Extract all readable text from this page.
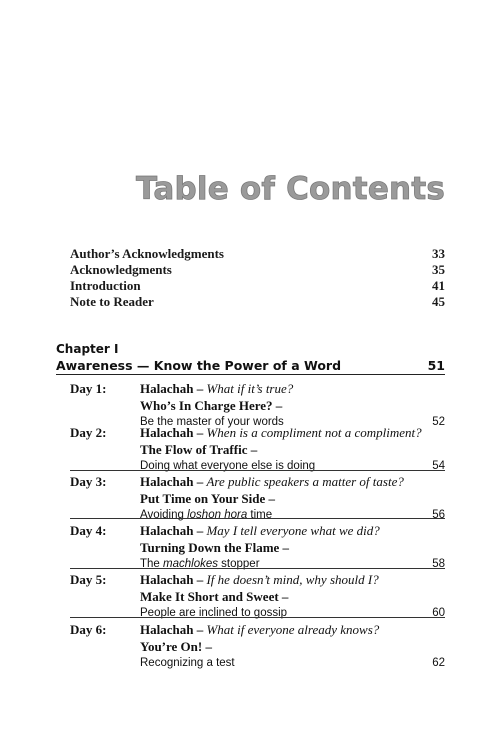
Table of Contents
Author’s Acknowledgments	33
Acknowledgments	35
Introduction	41
Note to Reader	45
Chapter I
Awareness — Know the Power of a Word	51
Day 1:	Halachah – What if it’s true?
Who’s In Charge Here? –
Be the master of your words	52
Day 2:	Halachah – When is a compliment not a compliment?
The Flow of Traffic –
Doing what everyone else is doing	54
Day 3:	Halachah – Are public speakers a matter of taste?
Put Time on Your Side –
Avoiding loshon hora time	56
Day 4:	Halachah – May I tell everyone what we did?
Turning Down the Flame –
The machlokes stopper	58
Day 5:	Halachah – If he doesn’t mind, why should I?
Make It Short and Sweet –
People are inclined to gossip	60
Day 6:	Halachah – What if everyone already knows?
You’re On! –
Recognizing a test	62
